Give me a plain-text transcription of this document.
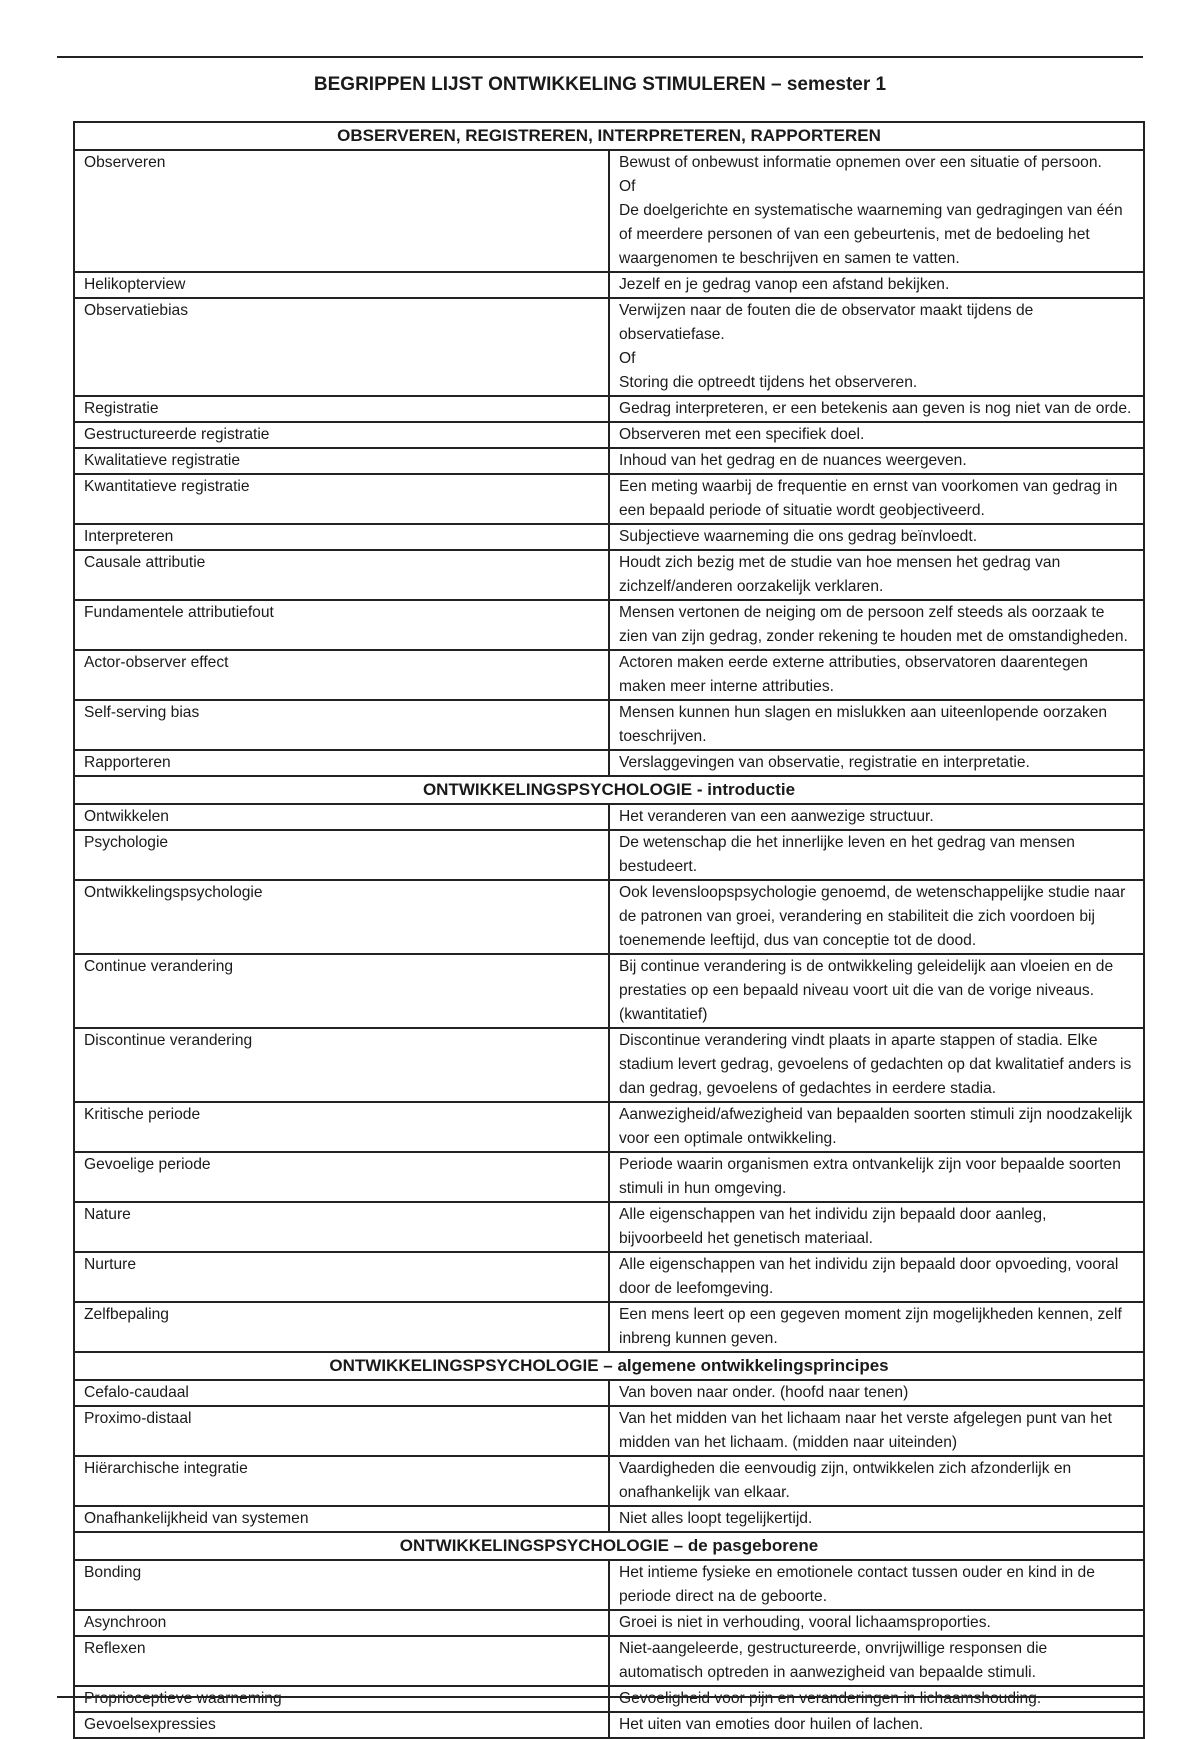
BEGRIPPEN LIJST ONTWIKKELING STIMULEREN – semester 1
OBSERVEREN, REGISTREREN, INTERPRETEREN, RAPPORTEREN	
Observeren	Bewust of onbewust informatie opnemen over een situatie of persoon.
Of
De doelgerichte en systematische waarneming van gedragingen van één of meerdere personen of van een gebeurtenis, met de bedoeling het waargenomen te beschrijven en samen te vatten.

Helikopterview	Jezelf en je gedrag vanop een afstand bekijken.

Observatiebias	Verwijzen naar de fouten die de observator maakt tijdens de observatiefase.
Of
Storing die optreedt tijdens het observeren.

Registratie	Gedrag interpreteren, er een betekenis aan geven is nog niet van de orde.

Gestructureerde registratie	Observeren met een specifiek doel.

Kwalitatieve registratie	Inhoud van het gedrag en de nuances weergeven.

Kwantitatieve registratie	Een meting waarbij de frequentie en ernst van voorkomen van gedrag in een bepaald periode of situatie wordt geobjectiveerd.

Interpreteren	Subjectieve waarneming die ons gedrag beïnvloedt.

Causale attributie	Houdt zich bezig met de studie van hoe mensen het gedrag van zichzelf/anderen oorzakelijk verklaren.

Fundamentele attributiefout	Mensen vertonen de neiging om de persoon zelf steeds als oorzaak te zien van zijn gedrag, zonder rekening te houden met de omstandigheden.

Actor-observer effect	Actoren maken eerde externe attributies, observatoren daarentegen maken meer interne attributies.

Self-serving bias	Mensen kunnen hun slagen en mislukken aan uiteenlopende oorzaken toeschrijven.

Rapporteren	Verslaggevingen van observatie, registratie en interpretatie.

ONTWIKKELINGSPSYCHOLOGIE - introductie	
Ontwikkelen	Het veranderen van een aanwezige structuur.

Psychologie	De wetenschap die het innerlijke leven en het gedrag van mensen bestudeert.

Ontwikkelingspsychologie	Ook levensloopspsychologie genoemd, de wetenschappelijke studie naar de patronen van groei, verandering en stabiliteit die zich voordoen bij toenemende leeftijd, dus van conceptie tot de dood.

Continue verandering	Bij continue verandering is de ontwikkeling geleidelijk aan vloeien en de prestaties op een bepaald niveau voort uit die van de vorige niveaus. (kwantitatief)

Discontinue verandering	Discontinue verandering vindt plaats in aparte stappen of stadia. Elke stadium levert gedrag, gevoelens of gedachten op dat kwalitatief anders is dan gedrag, gevoelens of gedachtes in eerdere stadia.

Kritische periode	Aanwezigheid/afwezigheid van bepaalden soorten stimuli zijn noodzakelijk voor een optimale ontwikkeling.

Gevoelige periode	Periode waarin organismen extra ontvankelijk zijn voor bepaalde soorten stimuli in hun omgeving.

Nature	Alle eigenschappen van het individu zijn bepaald door aanleg, bijvoorbeeld het genetisch materiaal.

Nurture	Alle eigenschappen van het individu zijn bepaald door opvoeding, vooral door de leefomgeving.

Zelfbepaling	Een mens leert op een gegeven moment zijn mogelijkheden kennen, zelf inbreng kunnen geven.

ONTWIKKELINGSPSYCHOLOGIE – algemene ontwikkelingsprincipes	
Cefalo-caudaal	Van boven naar onder. (hoofd naar tenen)

Proximo-distaal	Van het midden van het lichaam naar het verste afgelegen punt van het midden van het lichaam. (midden naar uiteinden)

Hiërarchische integratie	Vaardigheden die eenvoudig zijn, ontwikkelen zich afzonderlijk en onafhankelijk van elkaar.

Onafhankelijkheid van systemen	Niet alles loopt tegelijkertijd.

ONTWIKKELINGSPSYCHOLOGIE – de pasgeborene	
Bonding	Het intieme fysieke en emotionele contact tussen ouder en kind in de periode direct na de geboorte.

Asynchroon	Groei is niet in verhouding, vooral lichaamsproporties.

Reflexen	Niet-aangeleerde, gestructureerde, onvrijwillige responsen die automatisch optreden in aanwezigheid van bepaalde stimuli.

Proprioceptieve waarneming	Gevoeligheid voor pijn en veranderingen in lichaamshouding.

Gevoelsexpressies	Het uiten van emoties door huilen of lachen.
